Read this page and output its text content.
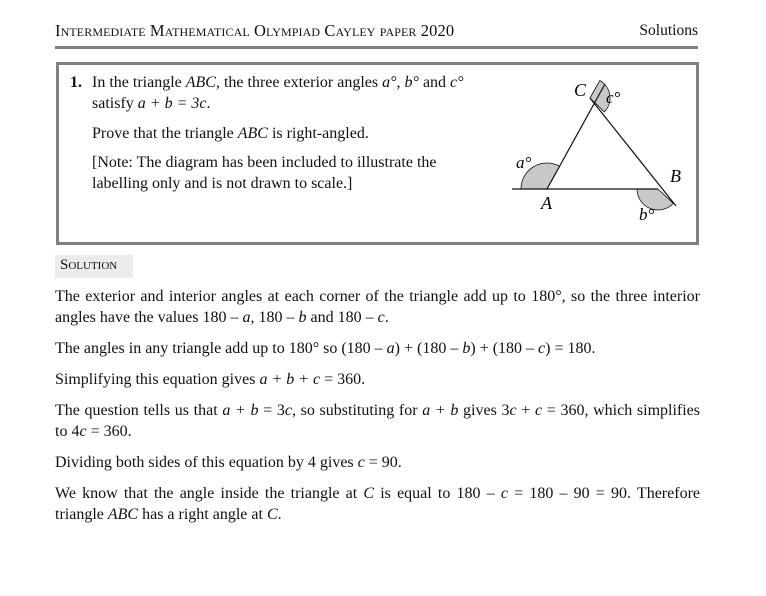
Intermediate Mathematical Olympiad Cayley paper 2020	Solutions
1. In the triangle ABC, the three exterior angles a°, b° and c° satisfy a + b = 3c.

Prove that the triangle ABC is right-angled.

[Note: The diagram has been included to illustrate the labelling only and is not drawn to scale.]

C c°
a°
A
B
b°
Solution

The exterior and interior angles at each corner of the triangle add up to 180°, so the three interior angles have the values 180 – a, 180 – b and 180 – c.

The angles in any triangle add up to 180° so (180 – a) + (180 – b) + (180 – c) = 180.

Simplifying this equation gives a + b + c = 360.

The question tells us that a + b = 3c, so substituting for a + b gives 3c + c = 360, which simplifies to 4c = 360.

Dividing both sides of this equation by 4 gives c = 90.

We know that the angle inside the triangle at C is equal to 180 – c = 180 – 90 = 90. Therefore triangle ABC has a right angle at C.
